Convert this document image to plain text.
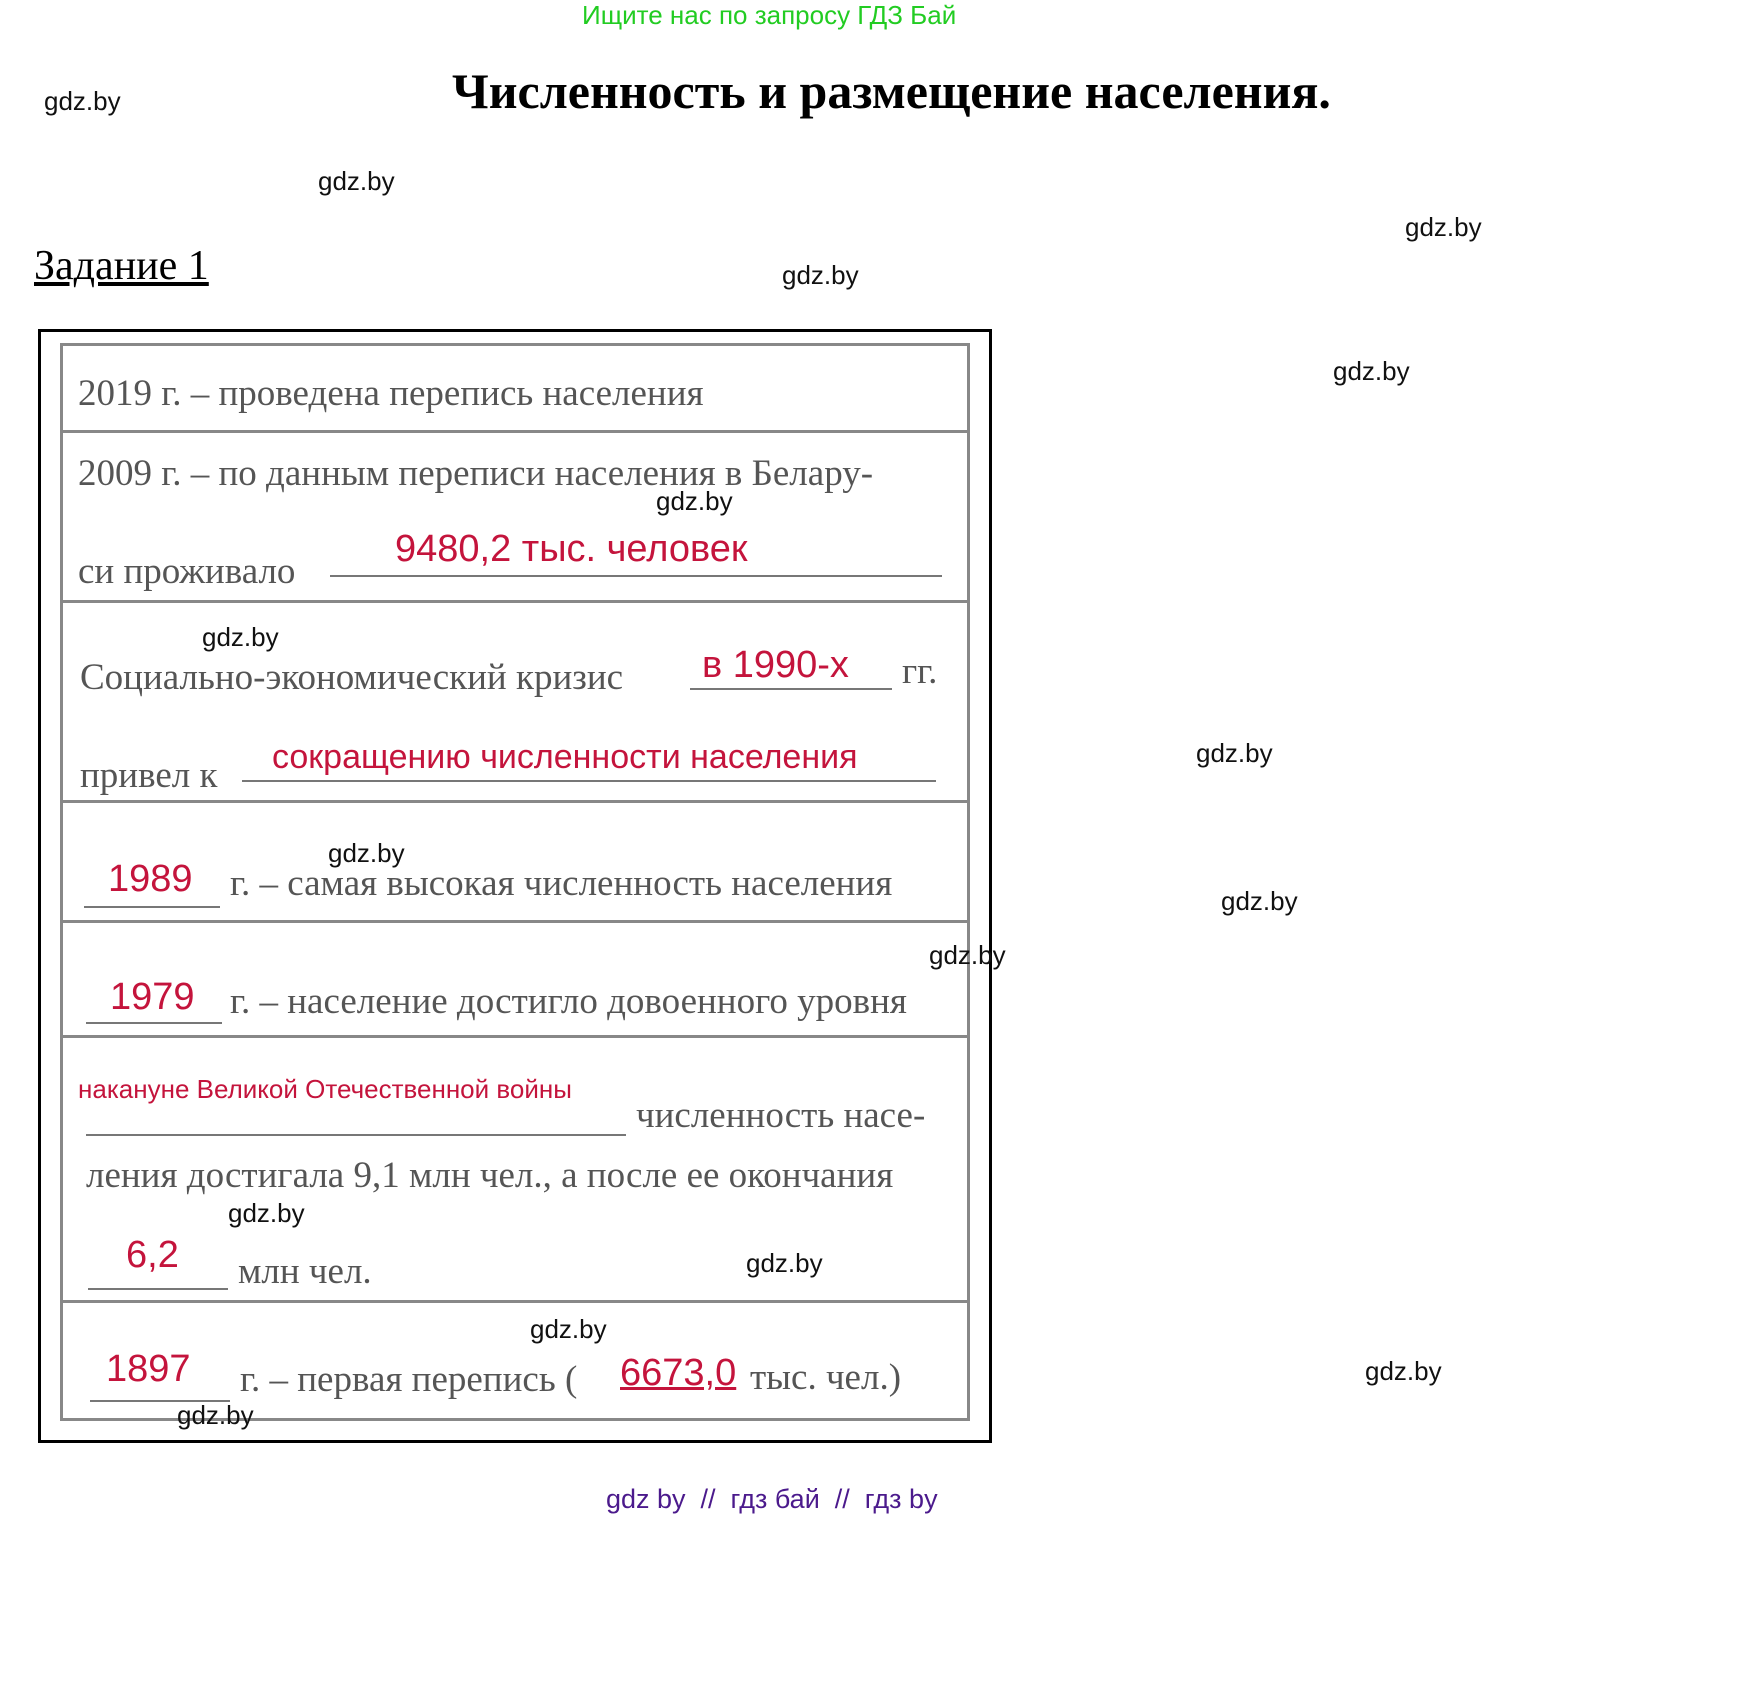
Ищите нас по запросу ГДЗ Бай
Численность и размещение населения.
Задание 1
2019 г. – проведена перепись населения
2009 г. – по данным переписи населения в Белару-
си проживало
9480,2 тыс. человек
Социально-экономический кризис в 1990-х гг.
привел к сокращению численности населения
1989 г. – самая высокая численность населения
1979 г. – население достигло довоенного уровня
накануне Великой Отечественной войны
численность насе-
ления достигала 9,1 млн чел., а после ее окончания
6,2 млн чел.
1897 г. – первая перепись ( 6673,0 тыс. чел.)
gdz.by
gdz.by
gdz.by
gdz.by
gdz.by
gdz.by
gdz.by
gdz.by
gdz.by
gdz.by
gdz.by
gdz.by
gdz.by
gdz.by
gdz.by
gdz.by
gdz by  //  гдз бай  //  гдз by
